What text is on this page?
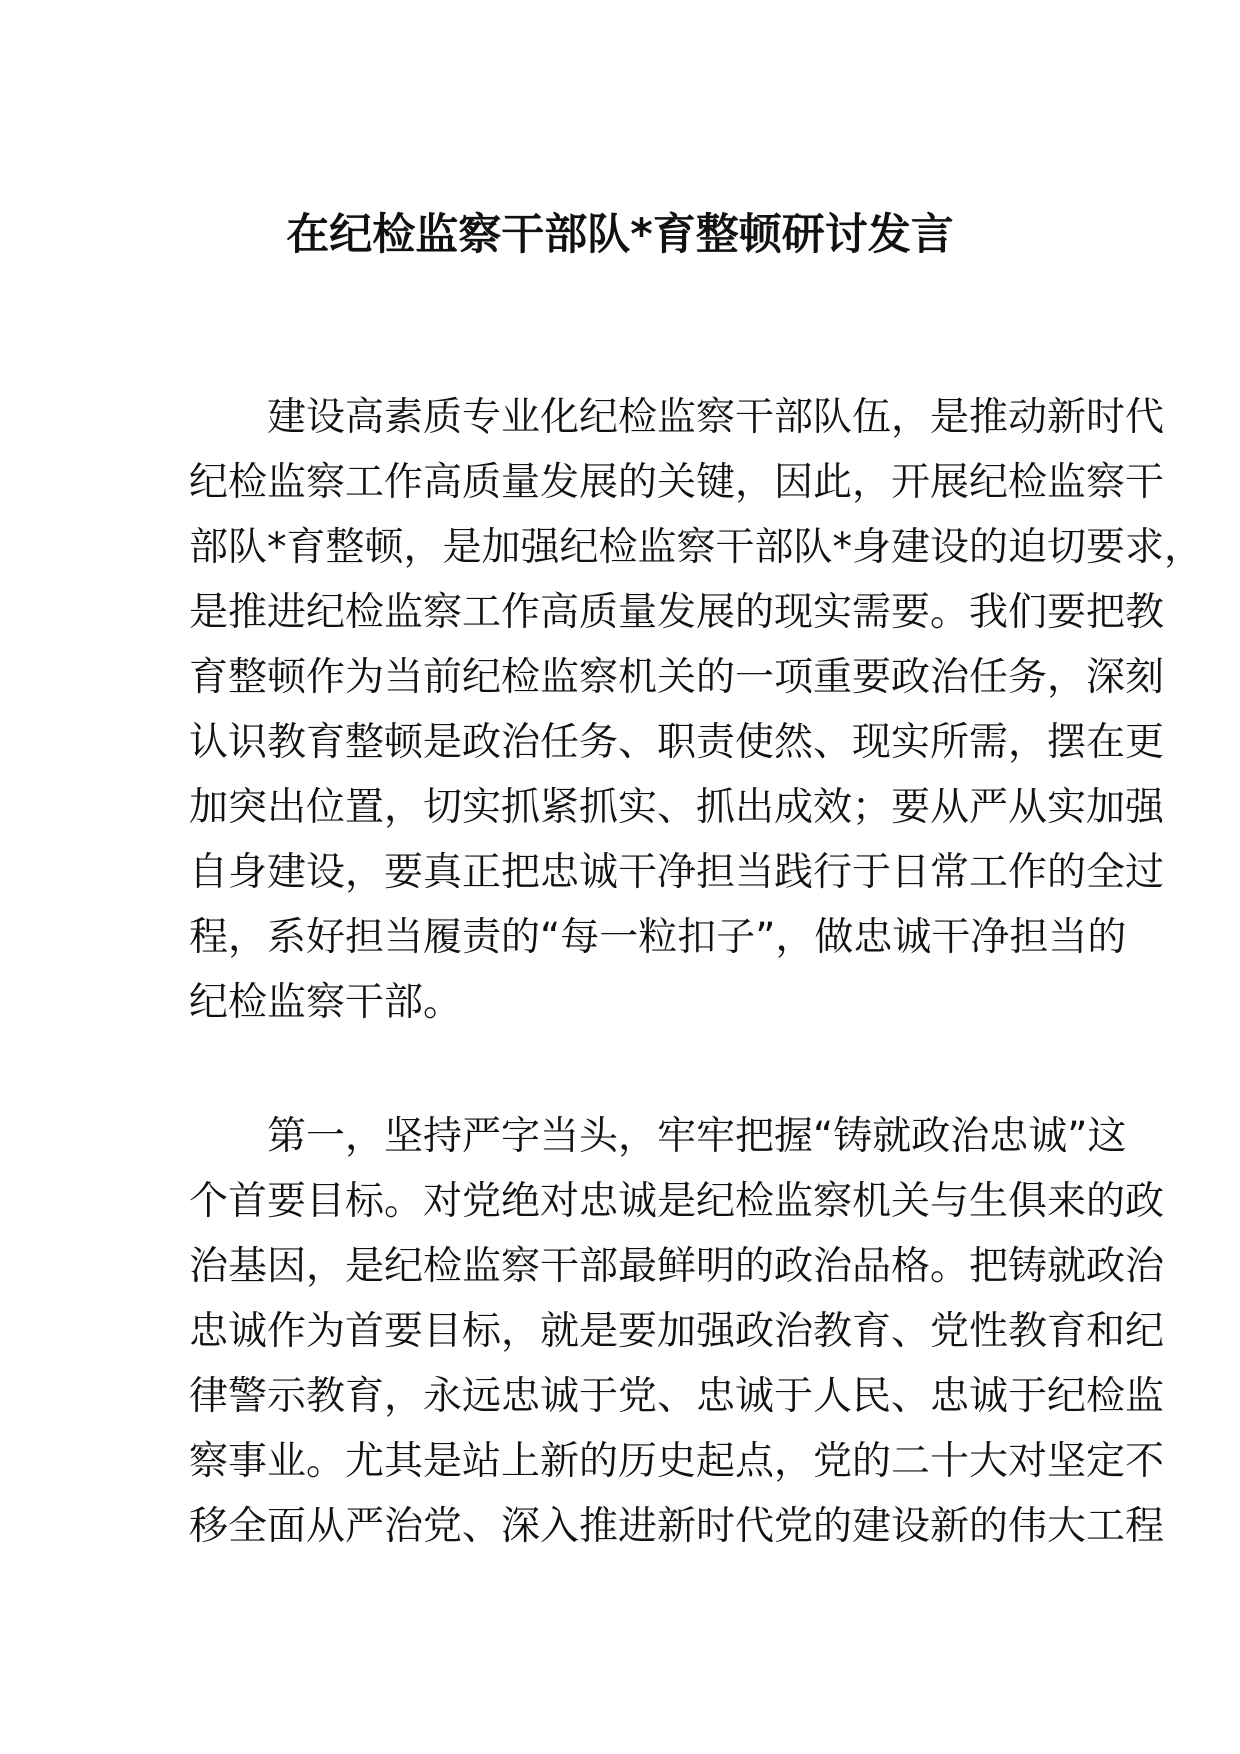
在纪检监察干部队*育整顿研讨发言
建设高素质专业化纪检监察干部队伍，是推动新时代
纪检监察工作高质量发展的关键，因此，开展纪检监察干
部队*育整顿，是加强纪检监察干部队*身建设的迫切要求，
是推进纪检监察工作高质量发展的现实需要。我们要把教
育整顿作为当前纪检监察机关的一项重要政治任务，深刻
认识教育整顿是政治任务、职责使然、现实所需，摆在更
加突出位置，切实抓紧抓实、抓出成效；要从严从实加强
自身建设，要真正把忠诚干净担当践行于日常工作的全过
程，系好担当履责的“每一粒扣子”，做忠诚干净担当的
纪检监察干部。
第一，坚持严字当头，牢牢把握“铸就政治忠诚”这
个首要目标。对党绝对忠诚是纪检监察机关与生俱来的政
治基因，是纪检监察干部最鲜明的政治品格。把铸就政治
忠诚作为首要目标，就是要加强政治教育、党性教育和纪
律警示教育，永远忠诚于党、忠诚于人民、忠诚于纪检监
察事业。尤其是站上新的历史起点，党的二十大对坚定不
移全面从严治党、深入推进新时代党的建设新的伟大工程
